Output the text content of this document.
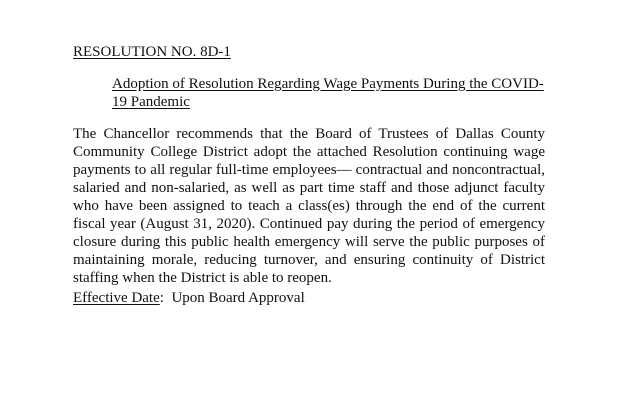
RESOLUTION NO. 8D-1
Adoption of Resolution Regarding Wage Payments During the COVID-19 Pandemic
The Chancellor recommends that the Board of Trustees of Dallas County Community College District adopt the attached Resolution continuing wage payments to all regular full-time employees— contractual and noncontractual, salaried and non-salaried, as well as part time staff and those adjunct faculty who have been assigned to teach a class(es) through the end of the current fiscal year (August 31, 2020). Continued pay during the period of emergency closure during this public health emergency will serve the public purposes of maintaining morale, reducing turnover, and ensuring continuity of District staffing when the District is able to reopen.
Effective Date:  Upon Board Approval
